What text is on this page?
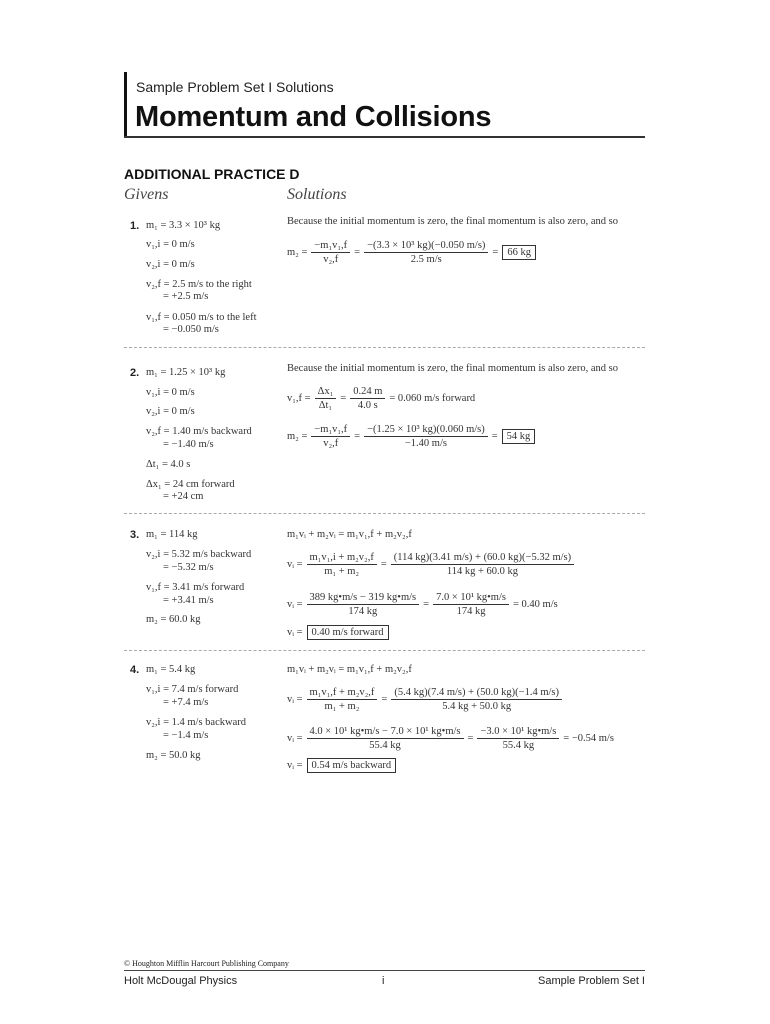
Sample Problem Set I Solutions
Momentum and Collisions
ADDITIONAL PRACTICE D
Givens	Solutions
1. m₁ = 3.3 × 10³ kg
v₁,i = 0 m/s
v₂,i = 0 m/s
v₂,f = 2.5 m/s to the right
= +2.5 m/s
v₁,f = 0.050 m/s to the left
= −0.050 m/s
Because the initial momentum is zero, the final momentum is also zero, and so
$m_2 = \frac{\text{−m₁v₁,f}}{\text{v₂,f}} = \frac{\text{−(3.3 × 10³ kg)(−0.050 m/s)}}{2.5 m/s} = 66$ kg
2. m₁ = 1.25 × 10³ kg
v₁,i = 0 m/s
v₂,i = 0 m/s
v₂,f = 1.40 m/s backward
= −1.40 m/s
Δt₁ = 4.0 s
Δx₁ = 24 cm forward
= +24 cm
Because the initial momentum is zero, the final momentum is also zero, and so
$v_1,f = \frac{\text{Δx₁}}{\text{Δt₁}} = \frac{0.24 m}{4.0 s} = 0.060$ m/s forward
$m_2 = \frac{\text{−m₁v₁,f}}{\text{v₂,f}} = \frac{\text{−(1.25 × 10³ kg)(0.060 m/s)}}{-1.40 m/s} = 54$ kg
3. m₁ = 114 kg
v₂,i = 5.32 m/s backward
= −5.32 m/s
v₁,f = 3.41 m/s forward
= +3.41 m/s
m₂ = 60.0 kg
m₁vᵢ + m₂vᵢ = m₁v₁,f + m₂v₂,f
vᵢ = $\frac{\text{m₁v₁,i + m₂v₂,f}}{\text{m₁ + m₂}} = \frac{(114 kg)(3.41 m/s) + (60.0 kg)(-5.32 m/s)}{114 kg + 60.0 kg}$
vᵢ = $\frac{389 kg•m/s - 319 kg•m/s}{174 kg} = \frac{\text{7.0 × 10¹ kg•m/s}}{174 kg} = 0.40$ m/s
vᵢ = 0.40 m/s forward
4. m₁ = 5.4 kg
v₁,i = 7.4 m/s forward
= +7.4 m/s
v₂,i = 1.4 m/s backward
= −1.4 m/s
m₂ = 50.0 kg
m₁vᵢ + m₂vᵢ = m₁v₁,f + m₂v₂,f
vᵢ = $\frac{\text{m₁v₁,f + m₂v₂,f}}{\text{m₁ + m₂}} = \frac{(5.4 kg)(7.4 m/s) + (50.0 kg)(-1.4 m/s)}{5.4 kg + 50.0 kg}$
vᵢ = $\frac{\text{4.0 × 10¹ kg•m/s − 7.0 × 10¹ kg•m/s}}{55.4 kg} = \frac{\text{−3.0 × 10¹ kg•m/s}}{55.4 kg} = -0.54$ m/s
vᵢ = 0.54 m/s backward
© Houghton Mifflin Harcourt Publishing Company
Holt McDougal Physics	i	Sample Problem Set I
